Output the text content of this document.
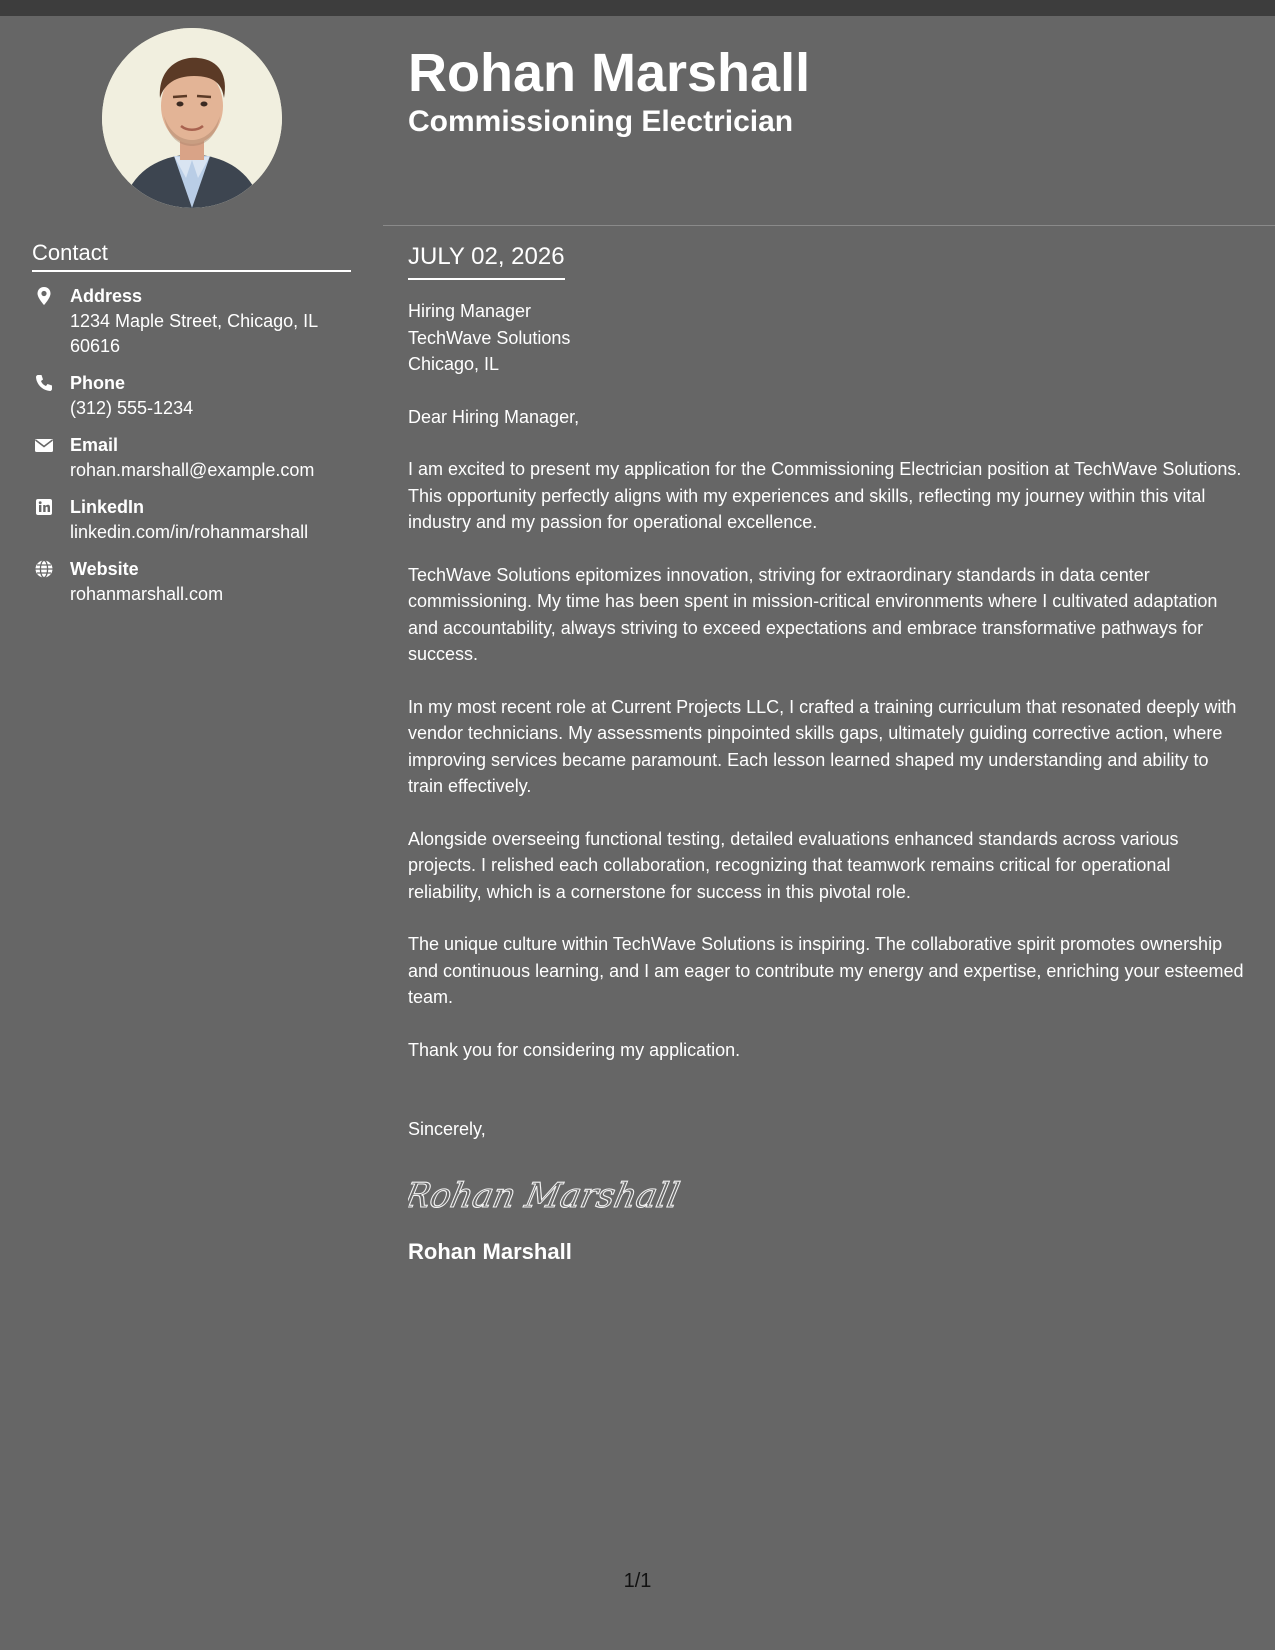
Contact
Address
1234 Maple Street, Chicago, IL 60616
Phone
(312) 555-1234
Email
rohan.marshall@example.com
LinkedIn
linkedin.com/in/rohanmarshall
Website
rohanmarshall.com
Rohan Marshall
Commissioning Electrician
JULY 02, 2026
Hiring Manager
TechWave Solutions
Chicago, IL
Dear Hiring Manager,

I am excited to present my application for the Commissioning Electrician position at TechWave Solutions. This opportunity perfectly aligns with my experiences and skills, reflecting my journey within this vital industry and my passion for operational excellence.

TechWave Solutions epitomizes innovation, striving for extraordinary standards in data center commissioning. My time has been spent in mission-critical environments where I cultivated adaptation and accountability, always striving to exceed expectations and embrace transformative pathways for success.

In my most recent role at Current Projects LLC, I crafted a training curriculum that resonated deeply with vendor technicians. My assessments pinpointed skills gaps, ultimately guiding corrective action, where improving services became paramount. Each lesson learned shaped my understanding and ability to train effectively.

Alongside overseeing functional testing, detailed evaluations enhanced standards across various projects. I relished each collaboration, recognizing that teamwork remains critical for operational reliability, which is a cornerstone for success in this pivotal role.

The unique culture within TechWave Solutions is inspiring. The collaborative spirit promotes ownership and continuous learning, and I am eager to contribute my energy and expertise, enriching your esteemed team.

Thank you for considering my application.

Sincerely,
Rohan Marshall
Rohan Marshall
1/1
